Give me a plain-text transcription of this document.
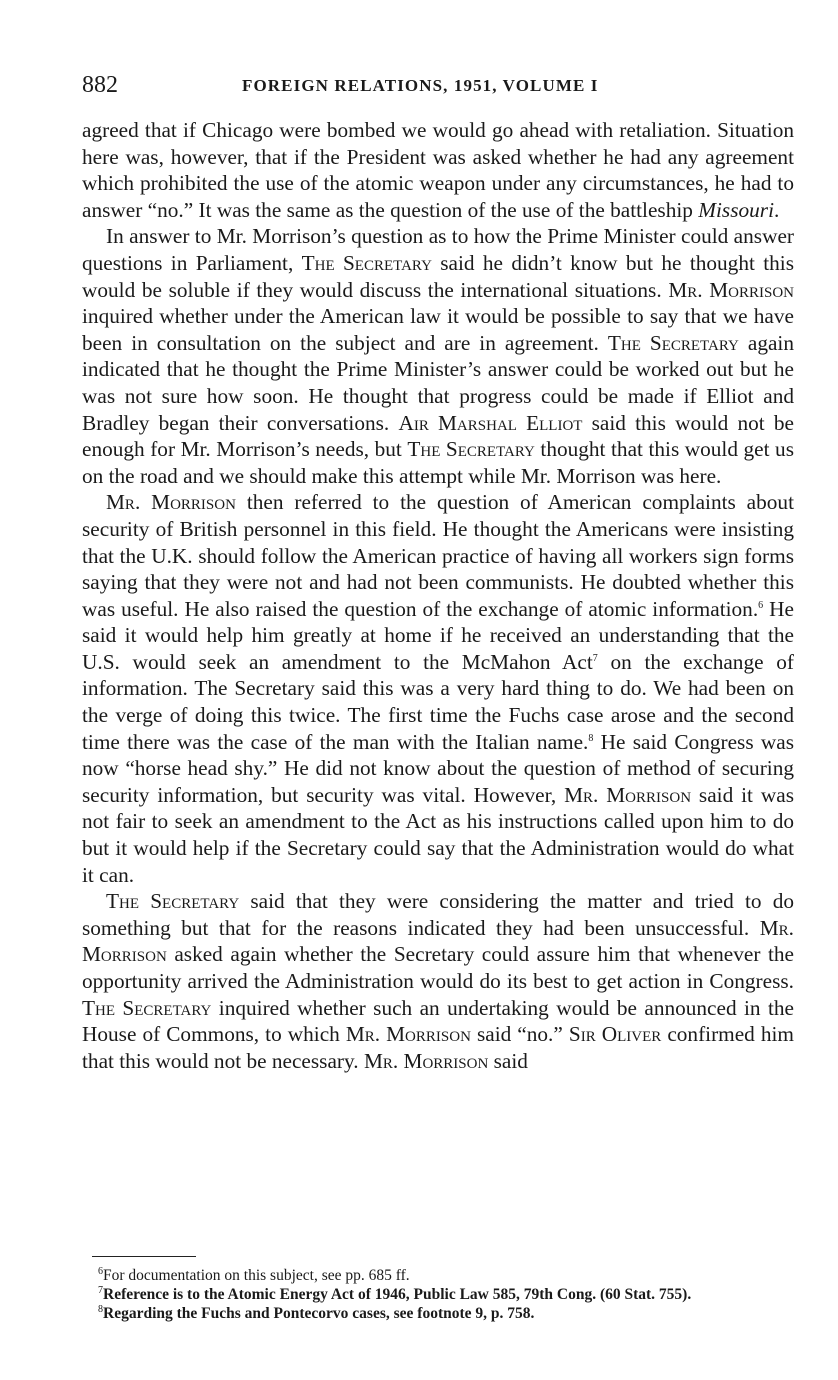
882	FOREIGN RELATIONS, 1951, VOLUME I

agreed that if Chicago were bombed we would go ahead with retaliation. Situation here was, however, that if the President was asked whether he had any agreement which prohibited the use of the atomic weapon under any circumstances, he had to answer “no.” It was the same as the question of the use of the battleship Missouri.

In answer to Mr. Morrison’s question as to how the Prime Minister could answer questions in Parliament, The Secretary said he didn’t know but he thought this would be soluble if they would discuss the international situations. Mr. Morrison inquired whether under the American law it would be possible to say that we have been in consultation on the subject and are in agreement. The Secretary again indicated that he thought the Prime Minister’s answer could be worked out but he was not sure how soon. He thought that progress could be made if Elliot and Bradley began their conversations. Air Marshal Elliot said this would not be enough for Mr. Morrison’s needs, but The Secretary thought that this would get us on the road and we should make this attempt while Mr. Morrison was here.

Mr. Morrison then referred to the question of American complaints about security of British personnel in this field. He thought the Americans were insisting that the U.K. should follow the American practice of having all workers sign forms saying that they were not and had not been communists. He doubted whether this was useful. He also raised the question of the exchange of atomic information.$^6$ He said it would help him greatly at home if he received an understanding that the U.S. would seek an amendment to the McMahon Act$^7$ on the exchange of information. The Secretary said this was a very hard thing to do. We had been on the verge of doing this twice. The first time the Fuchs case arose and the second time there was the case of the man with the Italian name.$^8$ He said Congress was now “horse head shy.” He did not know about the question of method of securing security information, but security was vital. However, Mr. Morrison said it was not fair to seek an amendment to the Act as his instructions called upon him to do but it would help if the Secretary could say that the Administration would do what it can.

The Secretary said that they were considering the matter and tried to do something but that for the reasons indicated they had been unsuccessful. Mr. Morrison asked again whether the Secretary could assure him that whenever the opportunity arrived the Administration would do its best to get action in Congress. The Secretary inquired whether such an undertaking would be announced in the House of Commons, to which Mr. Morrison said “no.” Sir Oliver confirmed him that this would not be necessary. Mr. Morrison said

$^6$For documentation on this subject, see pp. 685 ff.

$^7$Reference is to the Atomic Energy Act of 1946, Public Law 585, 79th Cong. (60 Stat. 755).

$^8$Regarding the Fuchs and Pontecorvo cases, see footnote 9, p. 758.
